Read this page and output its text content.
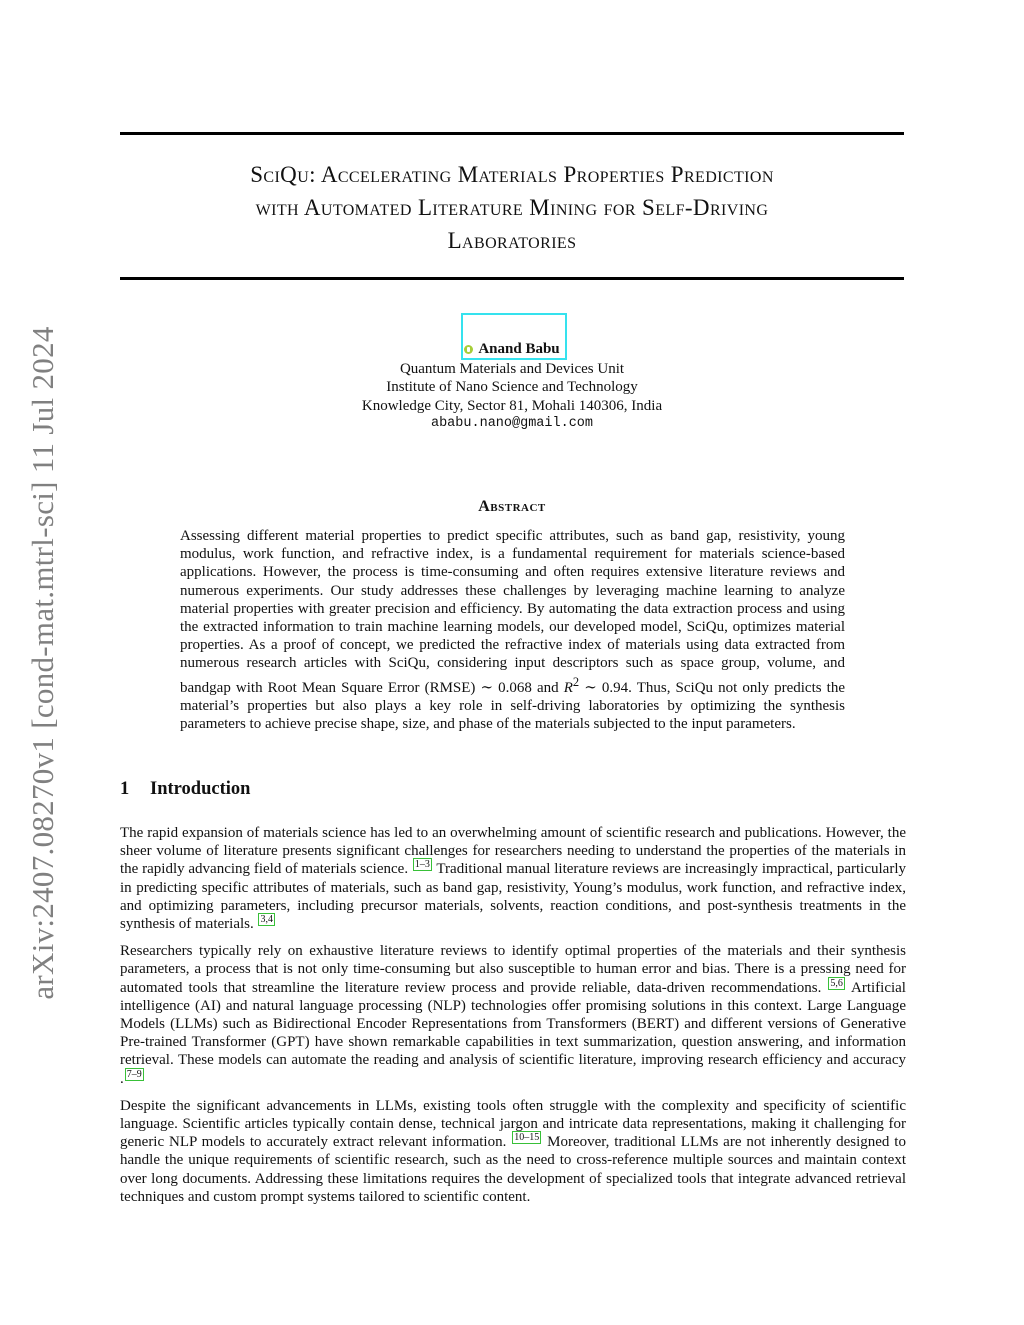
arXiv:2407.08270v1 [cond-mat.mtrl-sci] 11 Jul 2024
SciQu: Accelerating Materials Properties Prediction
with Automated Literature Mining for Self-Driving
Laboratories
Anand Babu
Quantum Materials and Devices Unit
Institute of Nano Science and Technology
Knowledge City, Sector 81, Mohali 140306, India
ababu.nano@gmail.com
Abstract
Assessing different material properties to predict specific attributes, such as band gap, resistivity, young modulus, work function, and refractive index, is a fundamental requirement for materials science-based applications. However, the process is time-consuming and often requires extensive literature reviews and numerous experiments. Our study addresses these challenges by leveraging machine learning to analyze material properties with greater precision and efficiency. By automating the data extraction process and using the extracted information to train machine learning models, our developed model, SciQu, optimizes material properties. As a proof of concept, we predicted the refractive index of materials using data extracted from numerous research articles with SciQu, considering input descriptors such as space group, volume, and bandgap with Root Mean Square Error (RMSE) ∼ 0.068 and $R^2$ ∼ 0.94. Thus, SciQu not only predicts the material’s properties but also plays a key role in self-driving laboratories by optimizing the synthesis parameters to achieve precise shape, size, and phase of the materials subjected to the input parameters.
1 Introduction

The rapid expansion of materials science has led to an overwhelming amount of scientific research and publications. However, the sheer volume of literature presents significant challenges for researchers needing to understand the properties of the materials in the rapidly advancing field of materials science. $^{1-3}$ Traditional manual literature reviews are increasingly impractical, particularly in predicting specific attributes of materials, such as band gap, resistivity, Young’s modulus, work function, and refractive index, and optimizing parameters, including precursor materials, solvents, reaction conditions, and post-synthesis treatments in the synthesis of materials. $^{3,4}$

Researchers typically rely on exhaustive literature reviews to identify optimal properties of the materials and their synthesis parameters, a process that is not only time-consuming but also susceptible to human error and bias. There is a pressing need for automated tools that streamline the literature review process and provide reliable, data-driven recommendations. $^{5,6}$ Artificial intelligence (AI) and natural language processing (NLP) technologies offer promising solutions in this context. Large Language Models (LLMs) such as Bidirectional Encoder Representations from Transformers (BERT) and different versions of Generative Pre-trained Transformer (GPT) have shown remarkable capabilities in text summarization, question answering, and information retrieval. These models can automate the reading and analysis of scientific literature, improving research efficiency and accuracy . $^{7-9}$

Despite the significant advancements in LLMs, existing tools often struggle with the complexity and specificity of scientific language. Scientific articles typically contain dense, technical jargon and intricate data representations, making it challenging for generic NLP models to accurately extract relevant information. $^{10-15}$ Moreover, traditional LLMs are not inherently designed to handle the unique requirements of scientific research, such as the need to cross-reference multiple sources and maintain context over long documents. Addressing these limitations requires the development of specialized tools that integrate advanced retrieval techniques and custom prompt systems tailored to scientific content.
